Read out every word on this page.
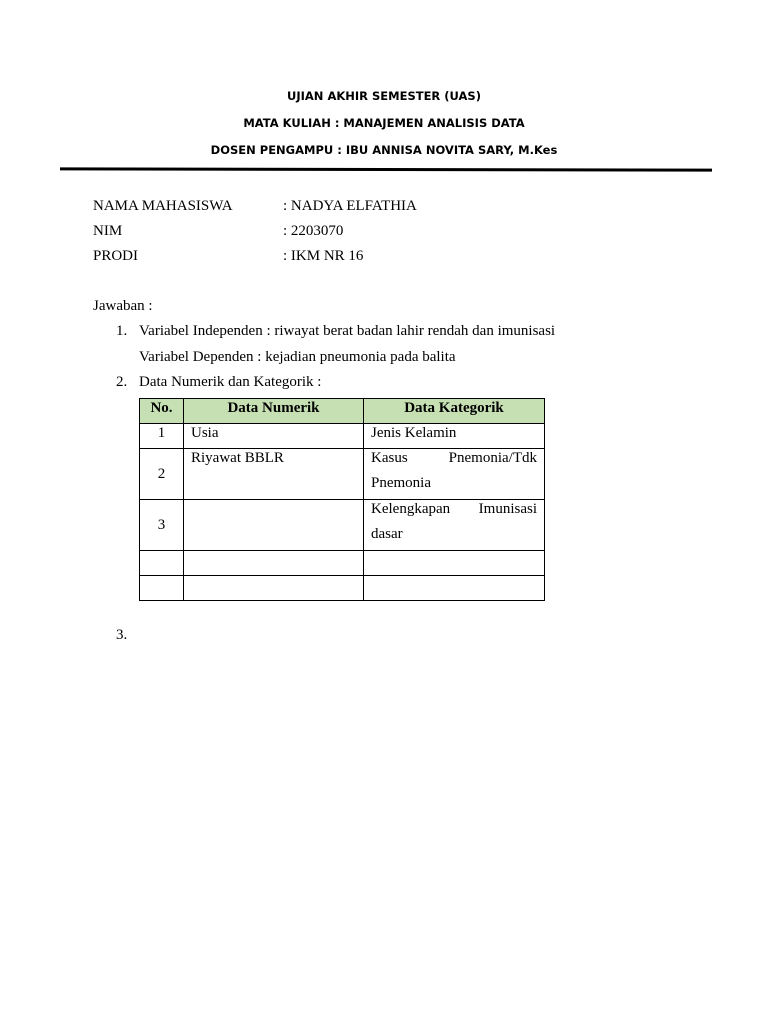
UJIAN AKHIR SEMESTER (UAS)
MATA KULIAH : MANAJEMEN ANALISIS DATA
DOSEN PENGAMPU : IBU ANNISA NOVITA SARY, M.Kes
NAMA MAHASISWA	: NADYA ELFATHIA
NIM	: 2203070
PRODI	: IKM NR 16
Jawaban :
1. Variabel Independen : riwayat berat badan lahir rendah dan imunisasi
Variabel Dependen : kejadian pneumonia pada balita
2. Data Numerik dan Kategorik :
No.	Data Numerik	Data Kategorik
1	Usia	Jenis Kelamin
2	Riyawat BBLR	Kasus Pnemonia/Tdk
Pnemonia

3		Kelengkapan Imunisasi
dasar

3.
